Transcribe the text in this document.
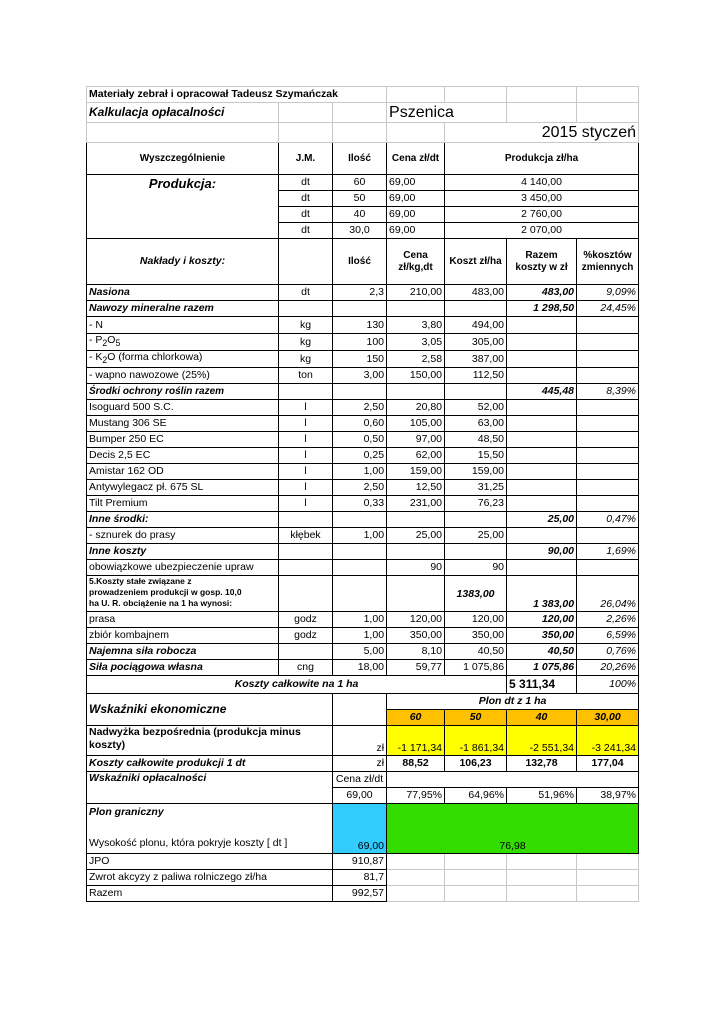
Materiały zebrał i opracował Tadeusz Szymańczak						
Kalkulacja opłacalności			Pszenica			
				2015 styczeń		
Wyszczególnienie	J.M.	Ilość	Cena zł/dt	Produkcja zł/ha		
Produkcja:	dt	60	69,00	4 140,00		
	dt	50	69,00	3 450,00		
	dt	40	69,00	2 760,00		
	dt	30,0	69,00	2 070,00		
Nakłady i koszty:		Ilość	Cena zł/kg,dt	Koszt zł/ha	Razem koszty w zł	%kosztów zmiennych
Nasiona	dt	2,3	210,00	483,00	483,00	9,09%
Nawozy mineralne razem					1 298,50	24,45%
- N	kg	130	3,80	494,00		
- $P_2O_5$	kg	100	3,05	305,00		
- $K_2O$ (forma chlorkowa)	kg	150	2,58	387,00		
- wapno nawozowe (25%)	ton	3,00	150,00	112,50		
Środki ochrony roślin razem					445,48	8,39%
Isoguard 500 S.C.	l	2,50	20,80	52,00		
Mustang 306 SE	l	0,60	105,00	63,00		
Bumper 250 EC	l	0,50	97,00	48,50		
Decis 2,5 EC	l	0,25	62,00	15,50		
Amistar 162 OD	l	1,00	159,00	159,00		
Antywylegacz pł. 675 SL	l	2,50	12,50	31,25		
Tilt Premium	l	0,33	231,00	76,23		
Inne środki:					25,00	0,47%
- sznurek do prasy	kłębek	1,00	25,00	25,00		
Inne koszty					90,00	1,69%
obowiązkowe ubezpieczenie upraw			90	90		

5.Koszty stałe związane z
prowadzeniem produkcji w gosp. 10,0
ha U. R. obciążenie na 1 ha wynosi:				1383,00	1 383,00	26,04%
prasa	godz	1,00	120,00	120,00	120,00	2,26%
zbiór kombajnem	godz	1,00	350,00	350,00	350,00	6,59%
Najemna siła robocza		5,00	8,10	40,50	40,50	0,76%
Siła pociągowa własna	cng	18,00	59,77	1 075,86	1 075,86	20,26%
Koszty całkowite na 1 ha					5 311,34	100%
Wskaźniki ekonomiczne			Plon dt z 1 ha			
			60	50	40	30,00

Nadwyżka bezpośrednia (produkcja minus
koszty)		zł	-1 171,34	-1 861,34	-2 551,34	-3 241,34
Koszty całkowite produkcji 1 dt		zł	88,52	106,23	132,78	177,04
Wskaźniki opłacalności		Cena zł/dt				
		69,00	77,95%	64,96%	51,96%	38,97%

Plon graniczny
Wysokość plonu, która pokryje koszty [ dt ]		69,00	76,98			
JPO		910,87				
Zwrot akcyzy z paliwa rolniczego zł/ha		81,7				
Razem		992,57				
